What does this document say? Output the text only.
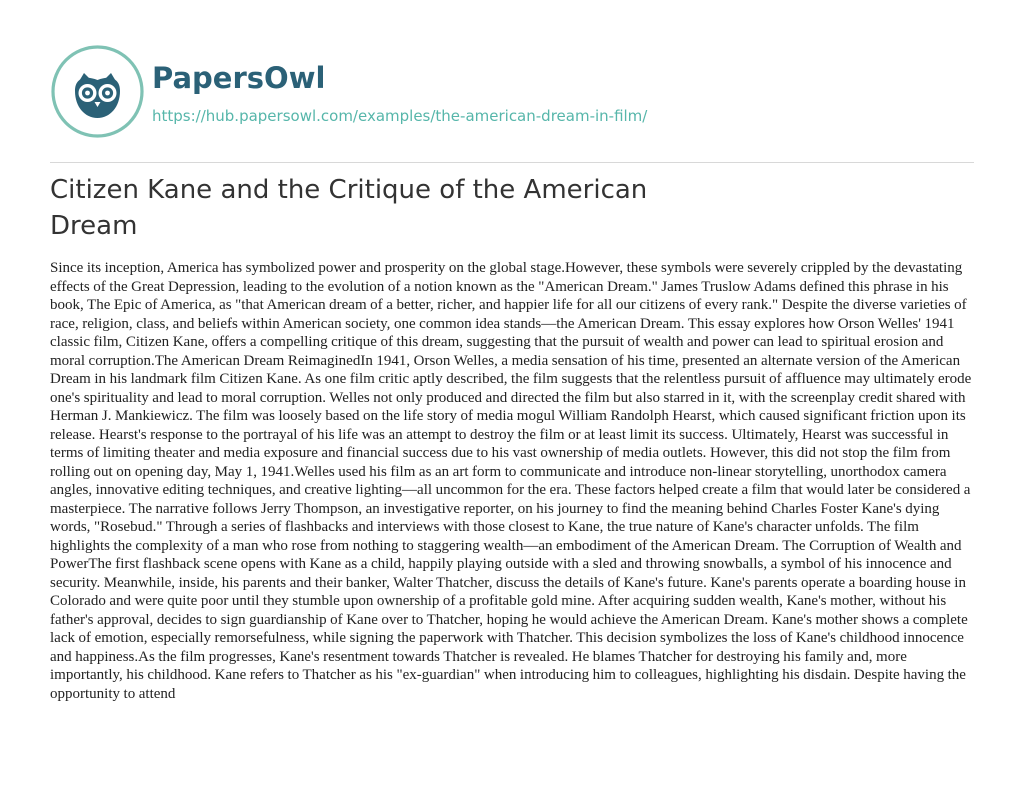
PapersOwl
https://hub.papersowl.com/examples/the-american-dream-in-film/
Citizen Kane and the Critique of the American Dream

Since its inception, America has symbolized power and prosperity on the global stage.However, these symbols were severely crippled by the devastating effects of the Great Depression, leading to the evolution of a notion known as the "American Dream." James Truslow Adams defined this phrase in his book, The Epic of America, as "that American dream of a better, richer, and happier life for all our citizens of every rank." Despite the diverse varieties of race, religion, class, and beliefs within American society, one common idea stands—the American Dream. This essay explores how Orson Welles' 1941 classic film, Citizen Kane, offers a compelling critique of this dream, suggesting that the pursuit of wealth and power can lead to spiritual erosion and moral corruption.The American Dream ReimaginedIn 1941, Orson Welles, a media sensation of his time, presented an alternate version of the American Dream in his landmark film Citizen Kane. As one film critic aptly described, the film suggests that the relentless pursuit of affluence may ultimately erode one's spirituality and lead to moral corruption. Welles not only produced and directed the film but also starred in it, with the screenplay credit shared with Herman J. Mankiewicz. The film was loosely based on the life story of media mogul William Randolph Hearst, which caused significant friction upon its release. Hearst's response to the portrayal of his life was an attempt to destroy the film or at least limit its success. Ultimately, Hearst was successful in terms of limiting theater and media exposure and financial success due to his vast ownership of media outlets. However, this did not stop the film from rolling out on opening day, May 1, 1941.Welles used his film as an art form to communicate and introduce non-linear storytelling, unorthodox camera angles, innovative editing techniques, and creative lighting—all uncommon for the era. These factors helped create a film that would later be considered a masterpiece. The narrative follows Jerry Thompson, an investigative reporter, on his journey to find the meaning behind Charles Foster Kane's dying words, "Rosebud." Through a series of flashbacks and interviews with those closest to Kane, the true nature of Kane's character unfolds. The film highlights the complexity of a man who rose from nothing to staggering wealth—an embodiment of the American Dream. The Corruption of Wealth and PowerThe first flashback scene opens with Kane as a child, happily playing outside with a sled and throwing snowballs, a symbol of his innocence and security. Meanwhile, inside, his parents and their banker, Walter Thatcher, discuss the details of Kane's future. Kane's parents operate a boarding house in Colorado and were quite poor until they stumble upon ownership of a profitable gold mine. After acquiring sudden wealth, Kane's mother, without his father's approval, decides to sign guardianship of Kane over to Thatcher, hoping he would achieve the American Dream. Kane's mother shows a complete lack of emotion, especially remorsefulness, while signing the paperwork with Thatcher. This decision symbolizes the loss of Kane's childhood innocence and happiness.As the film progresses, Kane's resentment towards Thatcher is revealed. He blames Thatcher for destroying his family and, more importantly, his childhood. Kane refers to Thatcher as his "ex-guardian" when introducing him to colleagues, highlighting his disdain. Despite having the opportunity to attend
